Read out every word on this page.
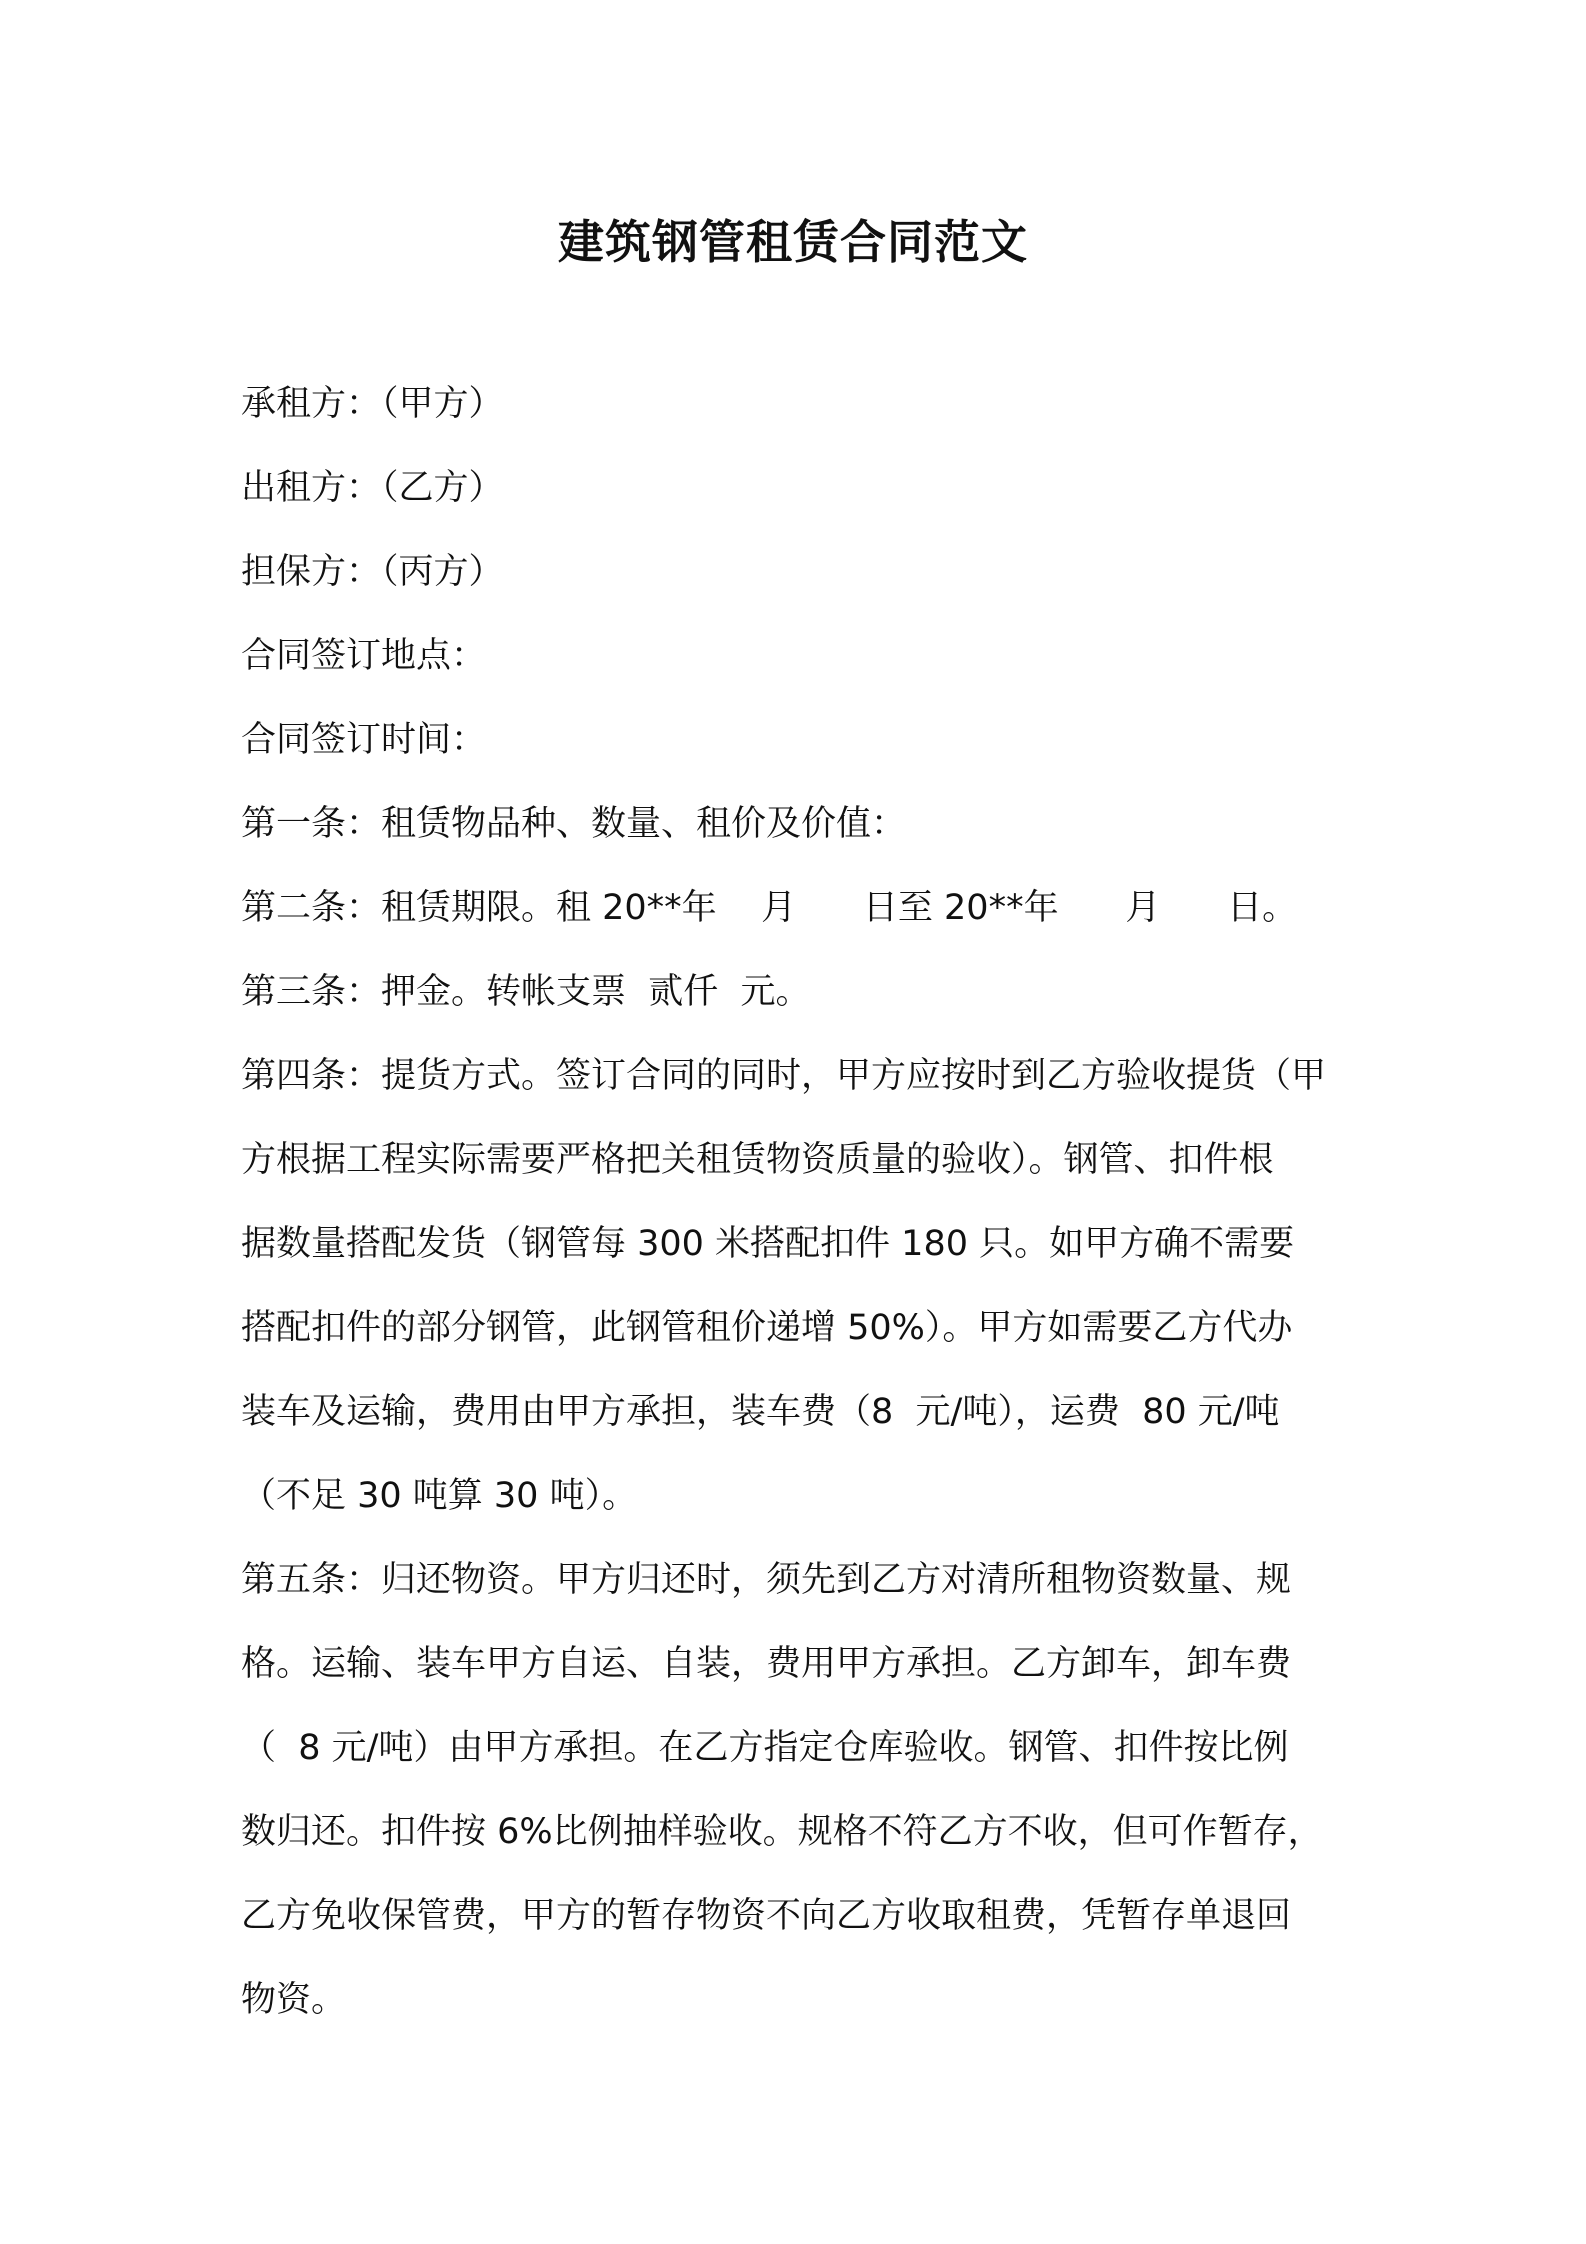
建筑钢管租赁合同范文

承租方：（甲方）

出租方：（乙方）

担保方：（丙方）

合同签订地点：

合同签订时间：

第一条：租赁物品种、数量、租价及价值：

第二条：租赁期限。租 20**年    月      日至 20**年      月      日。

第三条：押金。转帐支票  贰仟  元。

第四条：提货方式。签订合同的同时，甲方应按时到乙方验收提货（甲

方根据工程实际需要严格把关租赁物资质量的验收）。钢管、扣件根

据数量搭配发货（钢管每 300 米搭配扣件 180 只。如甲方确不需要

搭配扣件的部分钢管，此钢管租价递增 50%）。甲方如需要乙方代办

装车及运输，费用由甲方承担，装车费（8  元/吨），运费  80 元/吨

（不足 30 吨算 30 吨）。

第五条：归还物资。甲方归还时，须先到乙方对清所租物资数量、规

格。运输、装车甲方自运、自装，费用甲方承担。乙方卸车，卸车费

（  8 元/吨）由甲方承担。在乙方指定仓库验收。钢管、扣件按比例

数归还。扣件按 6%比例抽样验收。规格不符乙方不收，但可作暂存，

乙方免收保管费，甲方的暂存物资不向乙方收取租费，凭暂存单退回

物资。
